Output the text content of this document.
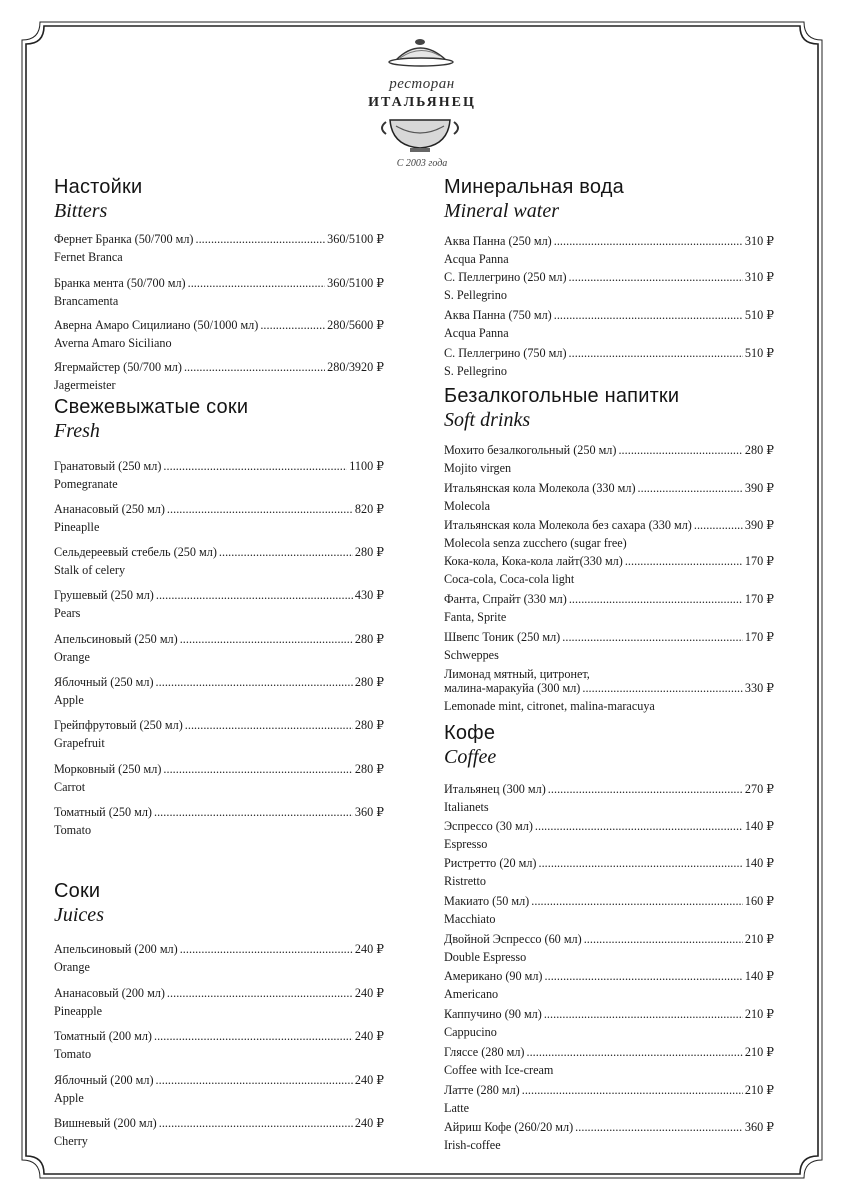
ресторан
ИТАЛЬЯНЕЦ
С 2003 года
Настойки
Bitters
Фернет Бранка (50/700 мл) . . .	360/5100 ₽
Fernet Branca
Бранка мента (50/700 мл) . . .	360/5100 ₽
Brancamenta
Аверна Амаро Сицилиано (50/1000 мл) . . .	280/5600 ₽
Averna Amaro Siciliano
Ягермайстер (50/700 мл) . . .	280/3920 ₽
Jagermeister
Свежевыжатые соки
Fresh
Гранатовый (250 мл) . . .	1100 ₽
Pomegranate
Ананасовый (250 мл) . . .	820 ₽
Pineaplle
Сельдереевый стебель (250 мл) . . .	280 ₽
Stalk of celery
Грушевый (250 мл) . . .	430 ₽
Pears
Апельсиновый (250 мл) . . .	280 ₽
Orange
Яблочный (250 мл) . . .	280 ₽
Apple
Грейпфрутовый (250 мл) . . .	280 ₽
Grapefruit
Морковный (250 мл) . . .	280 ₽
Carrot
Томатный (250 мл) . . .	360 ₽
Tomato
Соки
Juices
Апельсиновый (200 мл) . . .	240 ₽
Orange
Ананасовый (200 мл) . . .	240 ₽
Pineapple
Томатный (200 мл) . . .	240 ₽
Tomato
Яблочный (200 мл) . . .	240 ₽
Apple
Вишневый (200 мл) . . .	240 ₽
Cherry
Минеральная вода
Mineral water
Аква Панна (250 мл) . . .	310 ₽
Acqua Panna
С. Пеллегрино (250 мл) . . .	310 ₽
S. Pellegrino
Аква Панна (750 мл) . . .	510 ₽
Acqua Panna
С. Пеллегрино (750 мл) . . .	510 ₽
S. Pellegrino
Безалкогольные напитки
Soft drinks
Мохито безалкогольный (250 мл) . . .	280 ₽
Mojito virgen
Итальянская кола Молекола (330 мл) . . .	390 ₽
Molecola
Итальянская кола Молекола без сахара (330 мл) . . .	390 ₽
Molecola senza zucchero (sugar free)
Кока-кола, Кока-кола лайт(330 мл) . . .	170 ₽
Coca-cola, Coca-cola light
Фанта, Спрайт (330 мл) . . .	170 ₽
Fanta, Sprite
Швепс Тоник (250 мл) . . .	170 ₽
Schweppes
Лимонад мятный, цитронет,
малина-маракуйа (300 мл) . . .	330 ₽
Lemonade mint, citronet, malina-maracuya
Кофе
Coffee
Итальянец (300 мл) . . .	270 ₽
Italianets
Эспрессо (30 мл) . . .	140 ₽
Espresso
Ристретто (20 мл) . . .	140 ₽
Ristretto
Макиато (50 мл) . . .	160 ₽
Macchiato
Двойной Эспрессо (60 мл) . . .	210 ₽
Double Espresso
Американо (90 мл) . . .	140 ₽
Americano
Каппучино (90 мл) . . .	210 ₽
Cappucino
Гляссе (280 мл) . . .	210 ₽
Coffee with Ice-cream
Латте (280 мл) . . .	210 ₽
Latte
Айриш Кофе (260/20 мл) . . .	360 ₽
Irish-coffee
